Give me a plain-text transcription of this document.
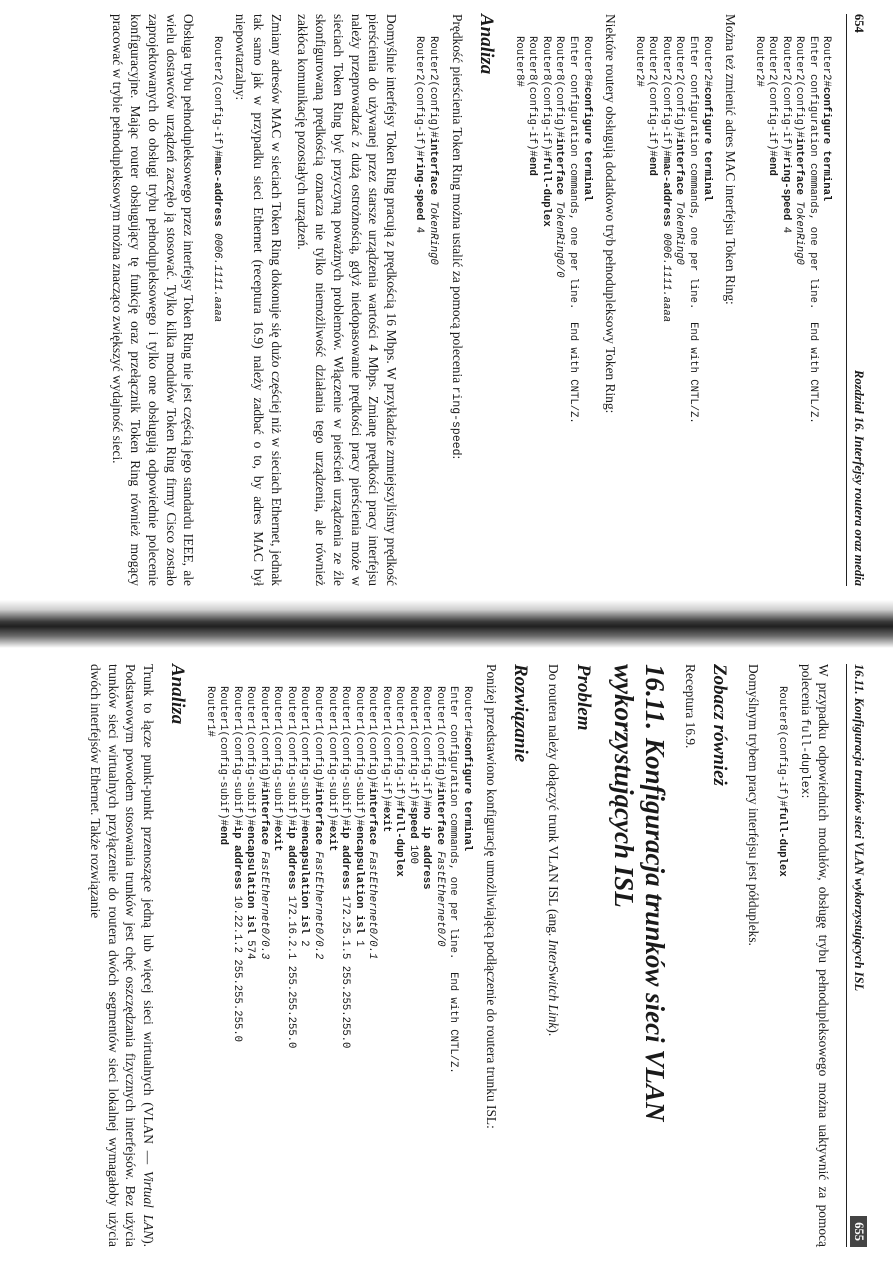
654
Rozdział 16. Interfejsy routera oraz media
Router2#configure terminal
Enter configuration commands, one per line.  End with CNTL/Z.
Router2(config)#interface TokenRing0
Router2(config-if)#ring-speed 4
Router2(config-if)#end
Router2#

Można też zmienić adres MAC interfejsu Token Ring:

Router2#configure terminal
Enter configuration commands, one per line.  End with CNTL/Z.
Router2(config)#interface TokenRing0
Router2(config-if)#mac-address 0006.1111.aaaa
Router2(config-if)#end
Router2#

Niektóre routery obsługują dodatkowo tryb pełnodupleksowy Token Ring:

Router8#configure terminal
Enter configuration commands, one per line.  End with CNTL/Z.
Router8(config)#interface TokenRing0/0
Router8(config-if)#full-duplex
Router8(config-if)#end
Router8#
Analiza

Prędkość pierścienia Token Ring można ustalić za pomocą polecenia ring-speed:

Router2(config)#interface TokenRing0
Router2(config-if)#ring-speed 4

Domyślnie interfejsy Token Ring pracują z prędkością 16 Mbps. W przykładzie zmniejszyliśmy prędkość pierścienia do używanej przez starsze urządzenia wartości 4 Mbps. Zmianę prędkości pracy interfejsu należy przeprowadzać z dużą ostrożnością, gdyż niedopasowanie prędkości pracy pierścienia może w sieciach Token Ring być przyczyną poważnych problemów. Włączenie w pierścień urządzenia ze źle skonfigurowaną prędkością oznacza nie tylko niemożliwość działania tego urządzenia, ale również zakłóca komunikację pozostałych urządzeń.

Zmiany adresów MAC w sieciach Token Ring dokonuje się dużo częściej niż w sieciach Ethernet, jednak tak samo jak w przypadku sieci Ethernet (receptura 16.9) należy zadbać o to, by adres MAC był niepowtarzalny:

Router2(config-if)#mac-address 0006.1111.aaaa

Obsługa trybu pełnodupleksowego przez interfejsy Token Ring nie jest częścią jego standardu IEEE, ale wielu dostawców urządzeń zaczęło ją stosować. Tylko kilka modułów Token Ring firmy Cisco zostało zaprojektowanych do obsługi trybu pełnodupleksowego i tylko one obsługują odpowiednie polecenie konfiguracyjne. Mając router obsługujący tę funkcję oraz przełącznik Token Ring również mogący pracować w trybie pełnodupleksowym można znacząco zwiększyć wydajność sieci.

16.11. Konfiguracja trunków sieci VLAN wykorzystujących ISL
655

W przypadku odpowiednich modułów, obsługę trybu pełnodupleksowego można uaktywnić za pomocą polecenia full-duplex:

Router8(config-if)#full-duplex

Domyślnym trybem pracy interfejsu jest półdupleks.

Zobacz również

Receptura 16.9.

16.11.Konfiguracja trunków sieci VLAN wykorzystujących ISL
Problem

Do routera należy dołączyć trunk VLAN ISL (ang. InterSwitch Link).

Rozwiązanie

Poniżej przedstawiono konfigurację umożliwiającą podłączenie do routera trunku ISL:

Router1#configure terminal
Enter configuration commands, one per line.  End with CNTL/Z.
Router1(config)#interface FastEthernet0/0
Router1(config-if)#no ip address
Router1(config-if)#speed 100
Router1(config-if)#full-duplex
Router1(config-if)#exit
Router1(config)#interface FastEthernet0/0.1
Router1(config-subif)#encapsulation isl 1
Router1(config-subif)#ip address 172.25.1.5 255.255.255.0
Router1(config-subif)#exit
Router1(config)#interface FastEthernet0/0.2
Router1(config-subif)#encapsulation isl 2
Router1(config-subif)#ip address 172.16.2.1 255.255.255.0
Router1(config-subif)#exit
Router1(config)#interface FastEthernet0/0.3
Router1(config-subif)#encapsulation isl 574
Router1(config-subif)#ip address 10.22.1.2 255.255.255.0
Router1(config-subif)#end
Router1#
Analiza

Trunk to łącze punkt-punkt przenoszące jedną lub więcej sieci wirtualnych (VLAN — Virtual LAN). Podstawowym powodem stosowania trunków jest chęć oszczędzania fizycznych interfejsów. Bez użycia trunków sieci wirtualnych przyłączenie do routera dwóch segmentów sieci lokalnej wymagałoby użycia dwóch interfejsów Ethernet. Także rozwiązanie
